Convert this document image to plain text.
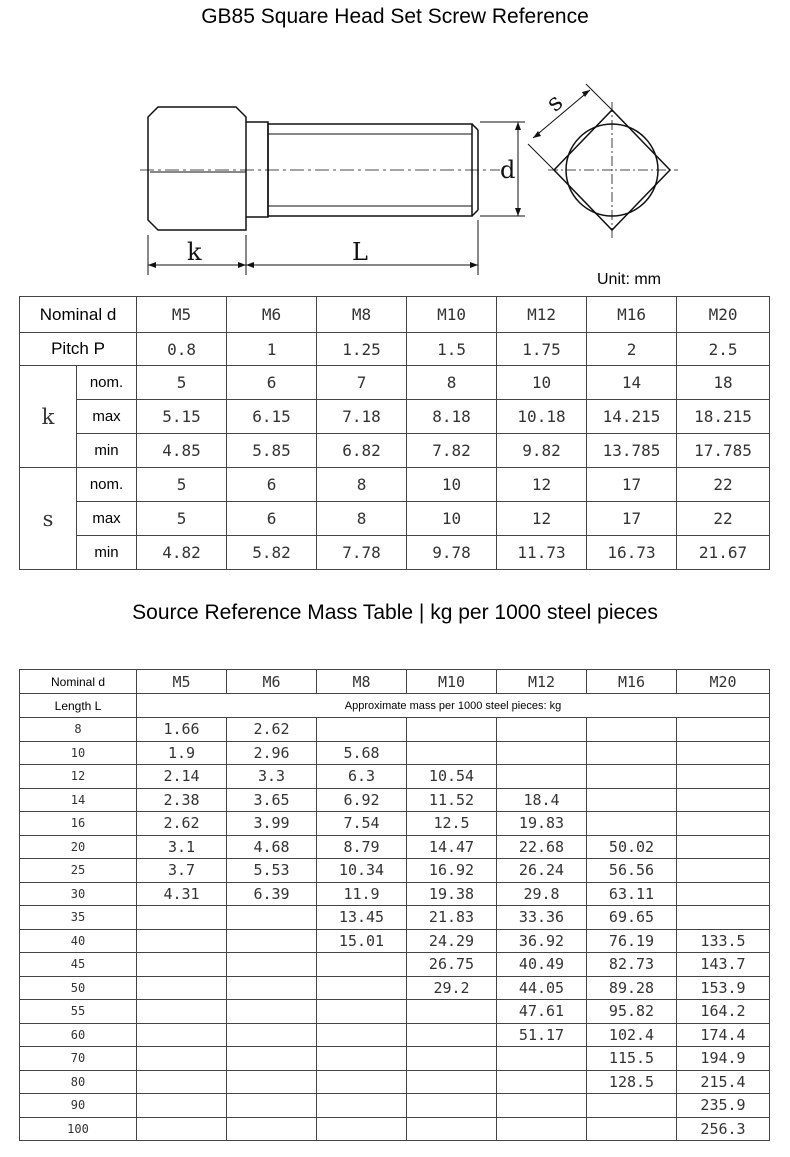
GB85 Square Head Set Screw Reference
k	L
d
s
Unit: mm
Nominal d		M5	M6	M8	M10	M12	M16	M20
Pitch P		0.8	1	1.25	1.5	1.75	2	2.5
k	nom.	5	6	7	8	10	14	18
	max	5.15	6.15	7.18	8.18	10.18	14.215	18.215
	min	4.85	5.85	6.82	7.82	9.82	13.785	17.785
s	nom.	5	6	8	10	12	17	22
	max	5	6	8	10	12	17	22
	min	4.82	5.82	7.78	9.78	11.73	16.73	21.67
Source Reference Mass Table | kg per 1000 steel pieces
Nominal d	M5	M6	M8	M10	M12	M16	M20
Length L	Approximate mass per 1000 steel pieces: kg						
8	1.66	2.62					
10	1.9	2.96	5.68				
12	2.14	3.3	6.3	10.54			
14	2.38	3.65	6.92	11.52	18.4		
16	2.62	3.99	7.54	12.5	19.83		
20	3.1	4.68	8.79	14.47	22.68	50.02	
25	3.7	5.53	10.34	16.92	26.24	56.56	
30	4.31	6.39	11.9	19.38	29.8	63.11	
35			13.45	21.83	33.36	69.65	
40			15.01	24.29	36.92	76.19	133.5
45				26.75	40.49	82.73	143.7
50				29.2	44.05	89.28	153.9
55					47.61	95.82	164.2
60					51.17	102.4	174.4
70						115.5	194.9
80						128.5	215.4
90							235.9
100							256.3
